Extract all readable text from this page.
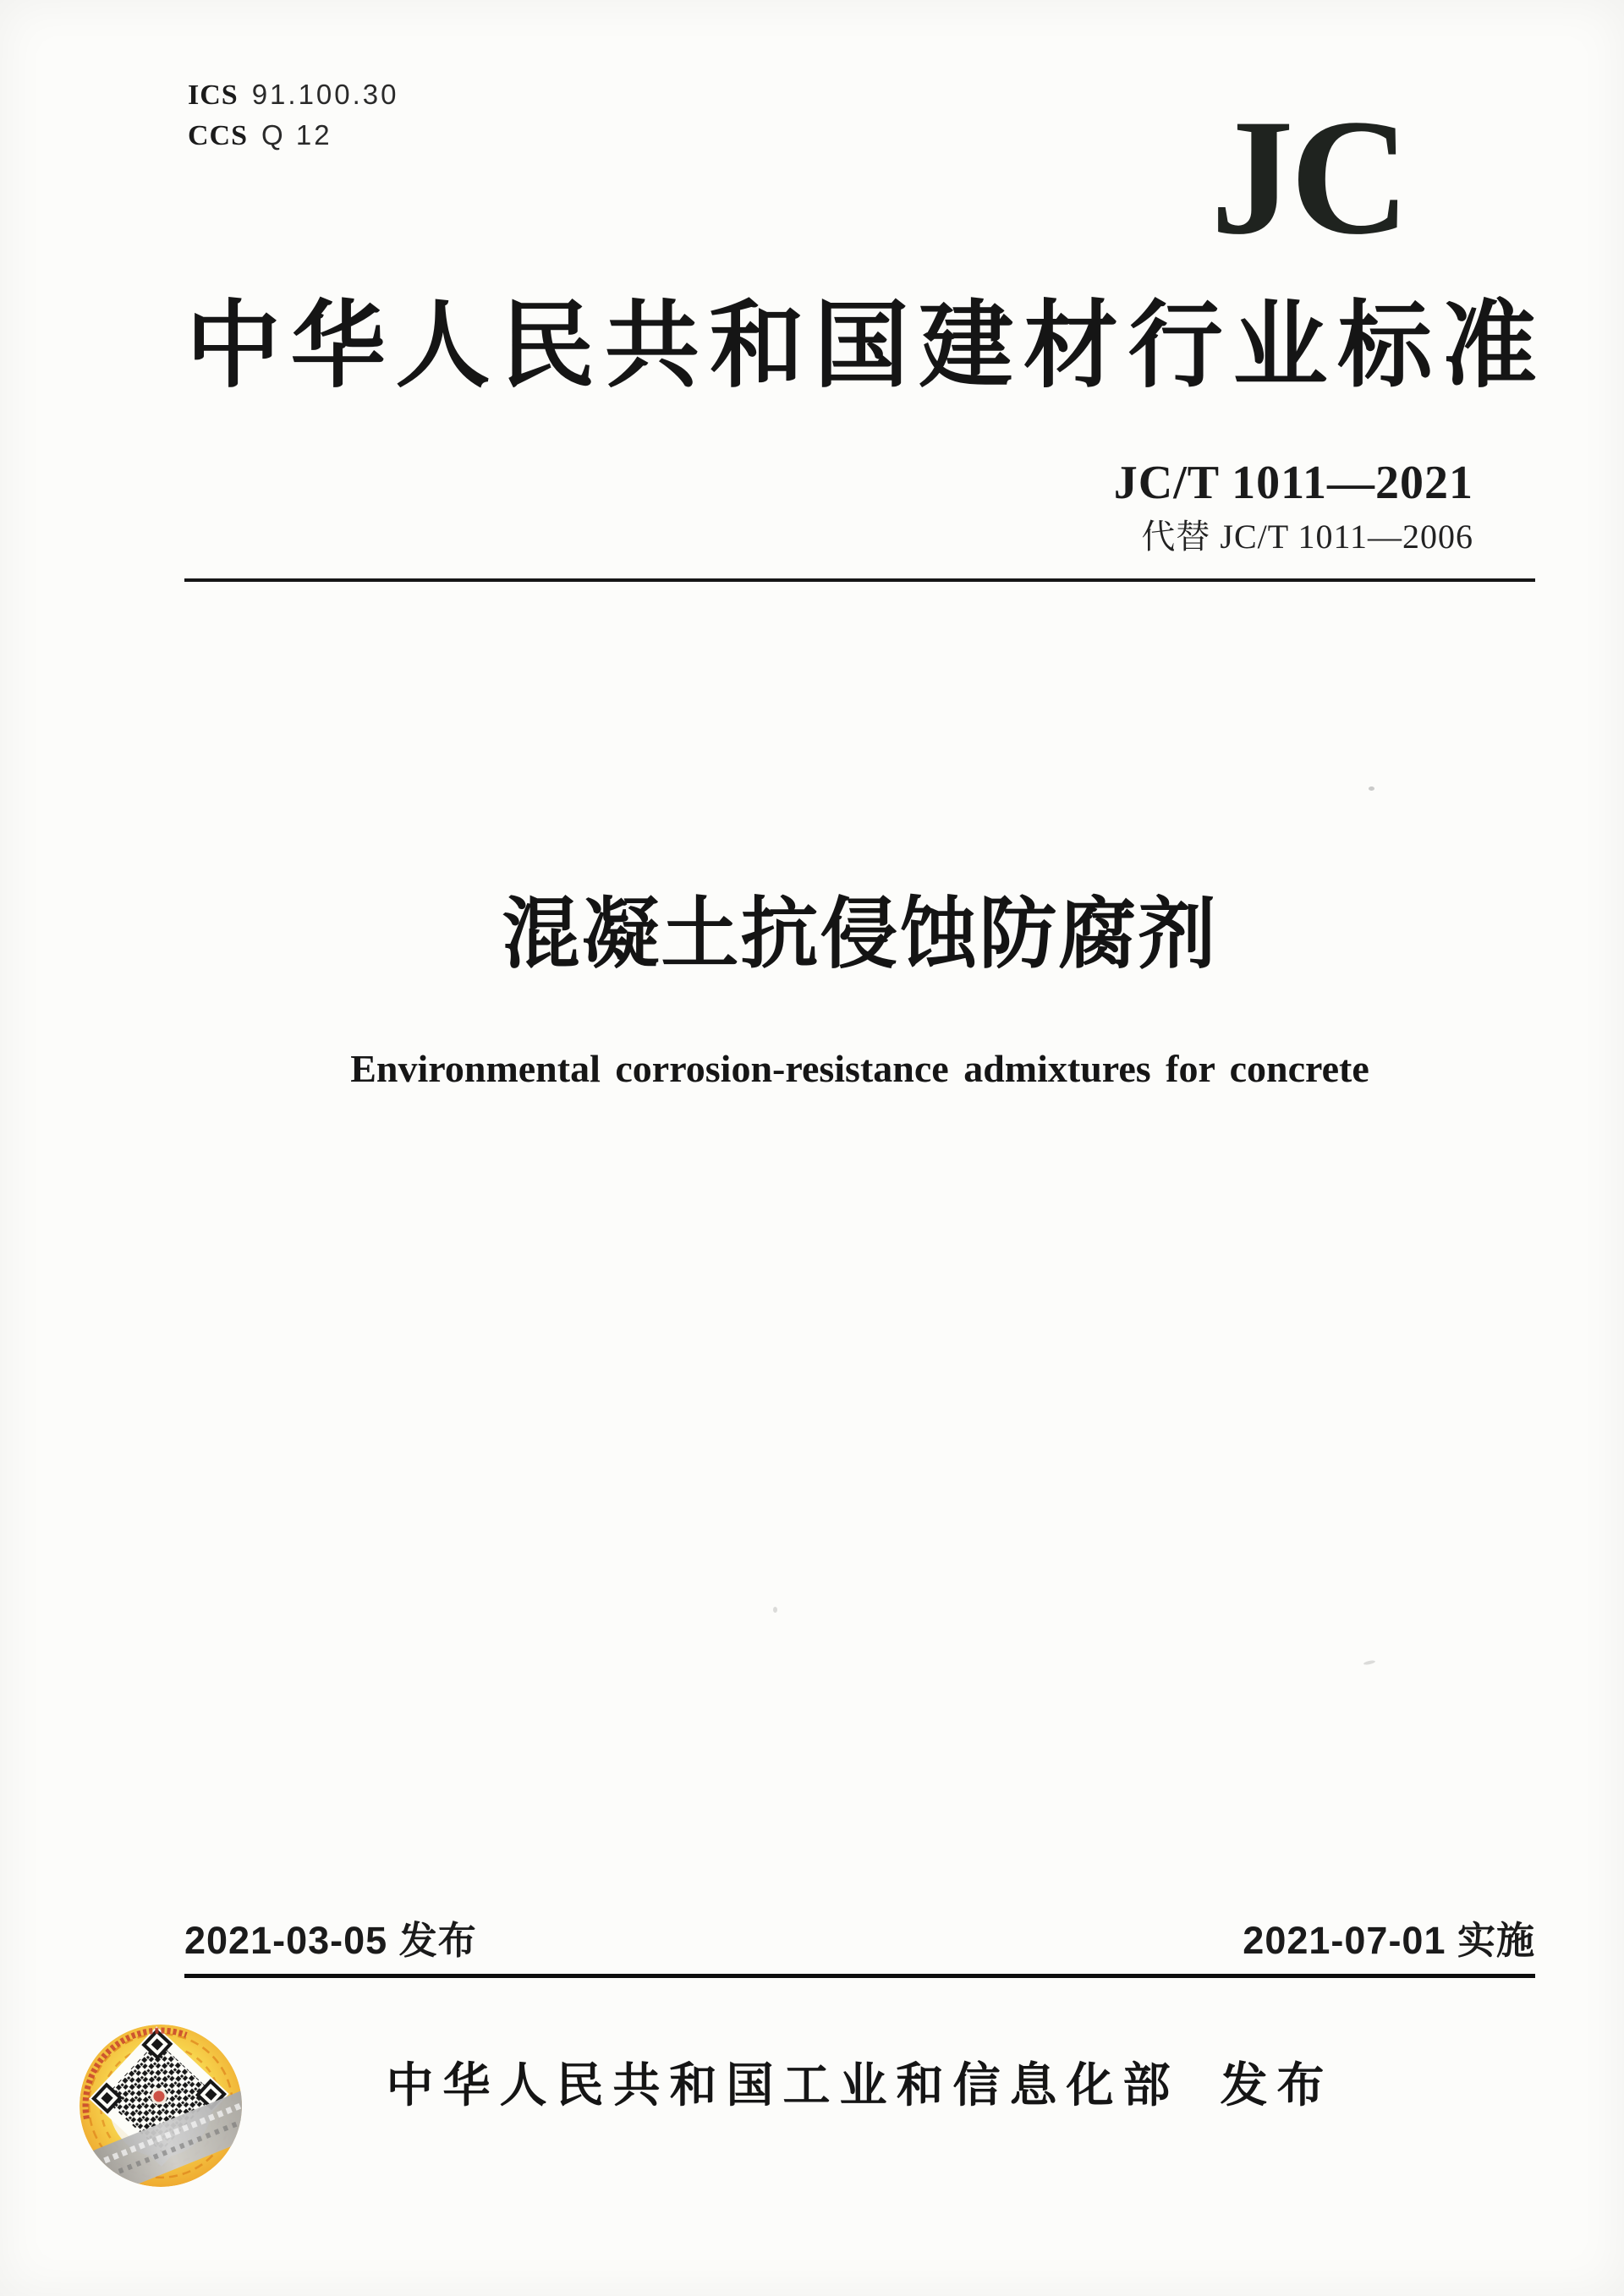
ICS 91.100.30
CCS Q 12	JC
中 华 人 民 共 和 国 建 材 行 业 标 准
JC/T 1011—2021
代替 JC/T 1011—2006
混凝土抗侵蚀防腐剂
Environmental corrosion-resistance admixtures for concrete
2021-03-05 发布	2021-07-01 实施
中华人民共和国工业和信息化部 发布
